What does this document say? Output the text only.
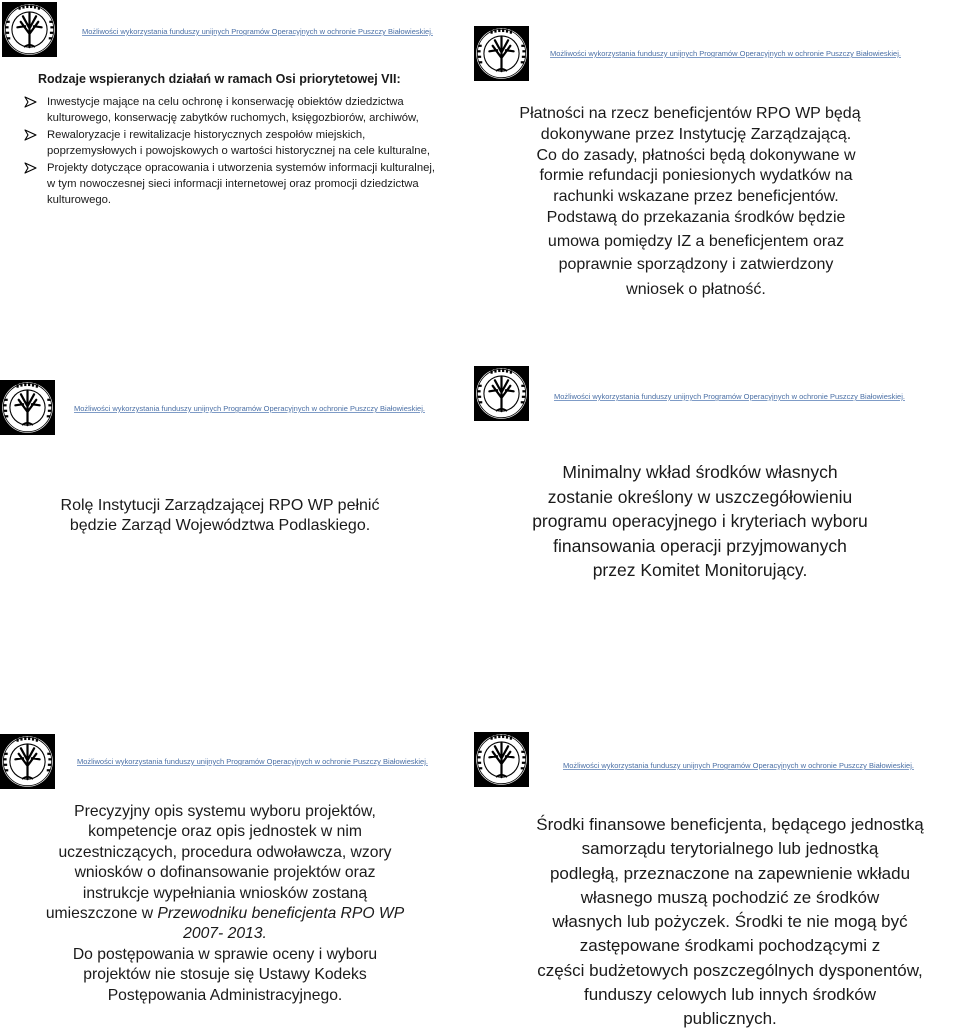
Możliwości wykorzystania funduszy unijnych Programów Operacyjnych w ochronie Puszczy Białowieskiej.
Rodzaje wspieranych działań w ramach Osi priorytetowej VII:
Inwestycje mające na celu ochronę i konserwację obiektów dziedzictwa kulturowego, konserwację zabytków ruchomych, księgozbiorów, archiwów,
Rewaloryzacje i rewitalizacje historycznych zespołów miejskich, poprzemysłowych i powojskowych o wartości historycznej na cele kulturalne,
Projekty dotyczące opracowania i utworzenia systemów informacji kulturalnej, w tym nowoczesnej sieci informacji internetowej oraz promocji dziedzictwa kulturowego.
Możliwości wykorzystania funduszy unijnych Programów Operacyjnych w ochronie Puszczy Białowieskiej.

Płatności na rzecz beneficjentów RPO WP będą

dokonywane przez Instytucję Zarządzającą.

Co do zasady, płatności będą dokonywane w

formie refundacji poniesionych wydatków na

rachunki wskazane przez beneficjentów.

Podstawą do przekazania środków będzie

umowa pomiędzy IZ a beneficjentem oraz

poprawnie sporządzony i zatwierdzony

wniosek o płatność.

Możliwości wykorzystania funduszy unijnych Programów Operacyjnych w ochronie Puszczy Białowieskiej.

Rolę Instytucji Zarządzającej RPO WP pełnić

będzie Zarząd Województwa Podlaskiego.

Możliwości wykorzystania funduszy unijnych Programów Operacyjnych w ochronie Puszczy Białowieskiej.

Minimalny wkład środków własnych

zostanie określony w uszczegółowieniu

programu operacyjnego i kryteriach wyboru

finansowania operacji przyjmowanych

przez Komitet Monitorujący.

Możliwości wykorzystania funduszy unijnych Programów Operacyjnych w ochronie Puszczy Białowieskiej.

Precyzyjny opis systemu wyboru projektów,

kompetencje oraz opis jednostek w nim

uczestniczących, procedura odwoławcza, wzory

wniosków o dofinansowanie projektów oraz

instrukcje wypełniania wniosków zostaną

umieszczone w Przewodniku beneficjenta RPO WP

2007- 2013.

Do postępowania w sprawie oceny i wyboru

projektów nie stosuje się Ustawy Kodeks

Postępowania Administracyjnego.

Możliwości wykorzystania funduszy unijnych Programów Operacyjnych w ochronie Puszczy Białowieskiej.

Środki finansowe beneficjenta, będącego jednostką

samorządu terytorialnego lub jednostką

podległą, przeznaczone na zapewnienie wkładu

własnego muszą pochodzić ze środków

własnych lub pożyczek. Środki te nie mogą być

zastępowane środkami pochodzącymi z

części budżetowych poszczególnych dysponentów,

funduszy celowych lub innych środków

publicznych.
